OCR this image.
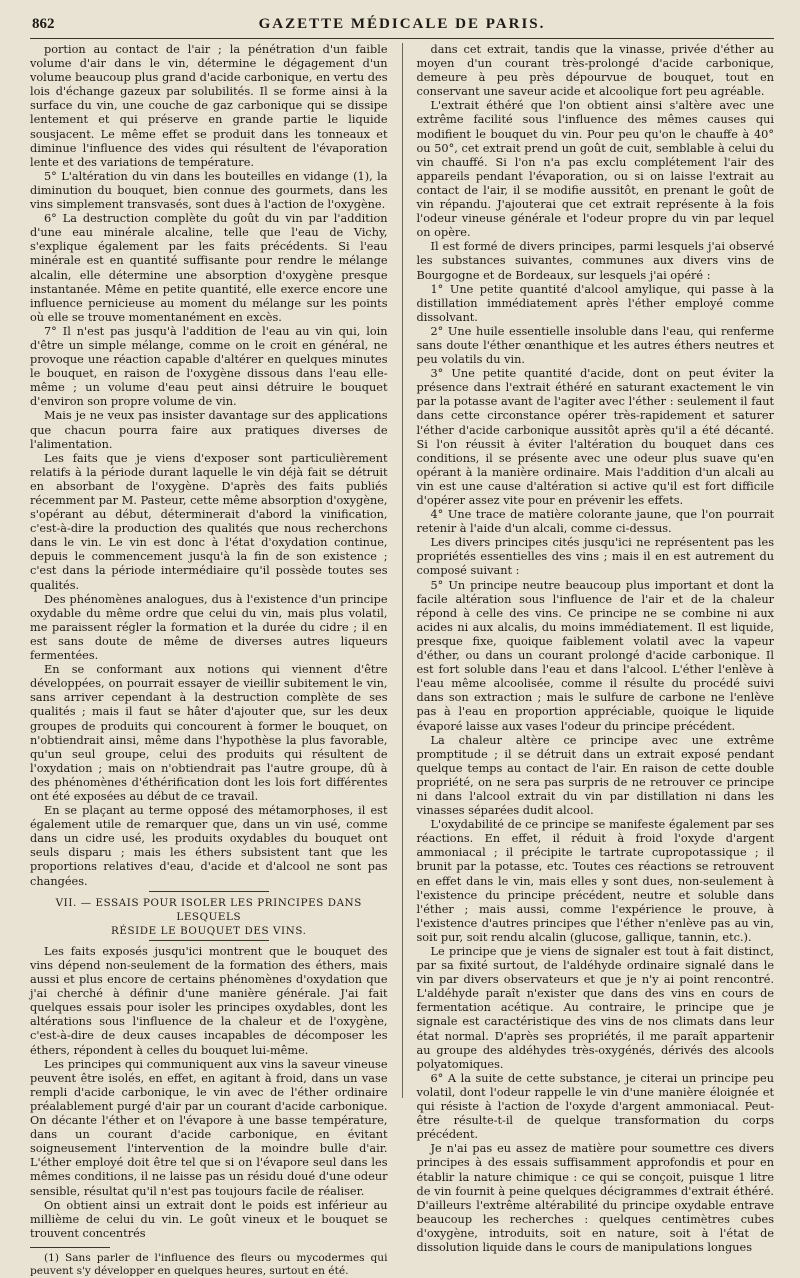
862	GAZETTE MÉDICALE DE PARIS.

portion au contact de l'air ; la pénétration d'un faible volume d'air dans le vin, détermine le dégagement d'un volume beaucoup plus grand d'acide carbonique, en vertu des lois d'échange gazeux par solubilités. Il se forme ainsi à la surface du vin, une couche de gaz carbonique qui se dissipe lentement et qui préserve en grande partie le liquide sousjacent. Le même effet se produit dans les tonneaux et diminue l'influence des vides qui résultent de l'évaporation lente et des variations de température.

5° L'altération du vin dans les bouteilles en vidange (1), la diminution du bouquet, bien connue des gourmets, dans les vins simplement transvasés, sont dues à l'action de l'oxygène.

6° La destruction complète du goût du vin par l'addition d'une eau minérale alcaline, telle que l'eau de Vichy, s'explique également par les faits précédents. Si l'eau minérale est en quantité suffisante pour rendre le mélange alcalin, elle détermine une absorption d'oxygène presque instantanée. Même en petite quantité, elle exerce encore une influence pernicieuse au moment du mélange sur les points où elle se trouve momentanément en excès.

7° Il n'est pas jusqu'à l'addition de l'eau au vin qui, loin d'être un simple mélange, comme on le croit en général, ne provoque une réaction capable d'altérer en quelques minutes le bouquet, en raison de l'oxygène dissous dans l'eau elle-même ; un volume d'eau peut ainsi détruire le bouquet d'environ son propre volume de vin.

Mais je ne veux pas insister davantage sur des applications que chacun pourra faire aux pratiques diverses de l'alimentation.

Les faits que je viens d'exposer sont particulièrement relatifs à la période durant laquelle le vin déjà fait se détruit en absorbant de l'oxygène. D'après des faits publiés récemment par M. Pasteur, cette même absorption d'oxygène, s'opérant au début, déterminerait d'abord la vinification, c'est-à-dire la production des qualités que nous recherchons dans le vin. Le vin est donc à l'état d'oxydation continue, depuis le commencement jusqu'à la fin de son existence ; c'est dans la période intermédiaire qu'il possède toutes ses qualités.

Des phénomènes analogues, dus à l'existence d'un principe oxydable du même ordre que celui du vin, mais plus volatil, me paraissent régler la formation et la durée du cidre ; il en est sans doute de même de diverses autres liqueurs fermentées.

En se conformant aux notions qui viennent d'être développées, on pourrait essayer de vieillir subitement le vin, sans arriver cependant à la destruction complète de ses qualités ; mais il faut se hâter d'ajouter que, sur les deux groupes de produits qui concourent à former le bouquet, on n'obtiendrait ainsi, même dans l'hypothèse la plus favorable, qu'un seul groupe, celui des produits qui résultent de l'oxydation ; mais on n'obtiendrait pas l'autre groupe, dû à des phénomènes d'éthérification dont les lois fort différentes ont été exposées au début de ce travail.

En se plaçant au terme opposé des métamorphoses, il est également utile de remarquer que, dans un vin usé, comme dans un cidre usé, les produits oxydables du bouquet ont seuls disparu ; mais les éthers subsistent tant que les proportions relatives d'eau, d'acide et d'alcool ne sont pas changées.

VII. — ESSAIS POUR ISOLER LES PRINCIPES DANS LESQUELS
RÉSIDE LE BOUQUET DES VINS.

Les faits exposés jusqu'ici montrent que le bouquet des vins dépend non-seulement de la formation des éthers, mais aussi et plus encore de certains phénomènes d'oxydation que j'ai cherché à définir d'une manière générale. J'ai fait quelques essais pour isoler les principes oxydables, dont les altérations sous l'influence de la chaleur et de l'oxygène, c'est-à-dire de deux causes incapables de décomposer les éthers, répondent à celles du bouquet lui-même.

Les principes qui communiquent aux vins la saveur vineuse peuvent être isolés, en effet, en agitant à froid, dans un vase rempli d'acide carbonique, le vin avec de l'éther ordinaire préalablement purgé d'air par un courant d'acide carbonique. On décante l'éther et on l'évapore à une basse température, dans un courant d'acide carbonique, en évitant soigneusement l'intervention de la moindre bulle d'air. L'éther employé doit être tel que si on l'évapore seul dans les mêmes conditions, il ne laisse pas un résidu doué d'une odeur sensible, résultat qu'il n'est pas toujours facile de réaliser.

On obtient ainsi un extrait dont le poids est inférieur au millième de celui du vin. Le goût vineux et le bouquet se trouvent concentrés

(1) Sans parler de l'influence des fleurs ou mycodermes qui peuvent s'y développer en quelques heures, surtout en été.

dans cet extrait, tandis que la vinasse, privée d'éther au moyen d'un courant très-prolongé d'acide carbonique, demeure à peu près dépourvue de bouquet, tout en conservant une saveur acide et alcoolique fort peu agréable.

L'extrait éthéré que l'on obtient ainsi s'altère avec une extrême facilité sous l'influence des mêmes causes qui modifient le bouquet du vin. Pour peu qu'on le chauffe à 40° ou 50°, cet extrait prend un goût de cuit, semblable à celui du vin chauffé. Si l'on n'a pas exclu complétement l'air des appareils pendant l'évaporation, ou si on laisse l'extrait au contact de l'air, il se modifie aussitôt, en prenant le goût de vin répandu. J'ajouterai que cet extrait représente à la fois l'odeur vineuse générale et l'odeur propre du vin par lequel on opère.

Il est formé de divers principes, parmi lesquels j'ai observé les substances suivantes, communes aux divers vins de Bourgogne et de Bordeaux, sur lesquels j'ai opéré :

1° Une petite quantité d'alcool amylique, qui passe à la distillation immédiatement après l'éther employé comme dissolvant.

2° Une huile essentielle insoluble dans l'eau, qui renferme sans doute l'éther œnanthique et les autres éthers neutres et peu volatils du vin.

3° Une petite quantité d'acide, dont on peut éviter la présence dans l'extrait éthéré en saturant exactement le vin par la potasse avant de l'agiter avec l'éther : seulement il faut dans cette circonstance opérer très-rapidement et saturer l'éther d'acide carbonique aussitôt après qu'il a été décanté. Si l'on réussit à éviter l'altération du bouquet dans ces conditions, il se présente avec une odeur plus suave qu'en opérant à la manière ordinaire. Mais l'addition d'un alcali au vin est une cause d'altération si active qu'il est fort difficile d'opérer assez vite pour en prévenir les effets.

4° Une trace de matière colorante jaune, que l'on pourrait retenir à l'aide d'un alcali, comme ci-dessus.

Les divers principes cités jusqu'ici ne représentent pas les propriétés essentielles des vins ; mais il en est autrement du composé suivant :

5° Un principe neutre beaucoup plus important et dont la facile altération sous l'influence de l'air et de la chaleur répond à celle des vins. Ce principe ne se combine ni aux acides ni aux alcalis, du moins immédiatement. Il est liquide, presque fixe, quoique faiblement volatil avec la vapeur d'éther, ou dans un courant prolongé d'acide carbonique. Il est fort soluble dans l'eau et dans l'alcool. L'éther l'enlève à l'eau même alcoolisée, comme il résulte du procédé suivi dans son extraction ; mais le sulfure de carbone ne l'enlève pas à l'eau en proportion appréciable, quoique le liquide évaporé laisse aux vases l'odeur du principe précédent.

La chaleur altère ce principe avec une extrême promptitude ; il se détruit dans un extrait exposé pendant quelque temps au contact de l'air. En raison de cette double propriété, on ne sera pas surpris de ne retrouver ce principe ni dans l'alcool extrait du vin par distillation ni dans les vinasses séparées dudit alcool.

L'oxydabilité de ce principe se manifeste également par ses réactions. En effet, il réduit à froid l'oxyde d'argent ammoniacal ; il précipite le tartrate cupropotassique ; il brunit par la potasse, etc. Toutes ces réactions se retrouvent en effet dans le vin, mais elles y sont dues, non-seulement à l'existence du principe précédent, neutre et soluble dans l'éther ; mais aussi, comme l'expérience le prouve, à l'existence d'autres principes que l'éther n'enlève pas au vin, soit pur, soit rendu alcalin (glucose, gallique, tannin, etc.).

Le principe que je viens de signaler est tout à fait distinct, par sa fixité surtout, de l'aldéhyde ordinaire signalé dans le vin par divers observateurs et que je n'y ai point rencontré. L'aldéhyde paraît n'exister que dans des vins en cours de fermentation acétique. Au contraire, le principe que je signale est caractéristique des vins de nos climats dans leur état normal. D'après ses propriétés, il me paraît appartenir au groupe des aldéhydes très-oxygénés, dérivés des alcools polyatomiques.

6° A la suite de cette substance, je citerai un principe peu volatil, dont l'odeur rappelle le vin d'une manière éloignée et qui résiste à l'action de l'oxyde d'argent ammoniacal. Peut-être résulte-t-il de quelque transformation du corps précédent.

Je n'ai pas eu assez de matière pour soumettre ces divers principes à des essais suffisamment approfondis et pour en établir la nature chimique : ce qui se conçoit, puisque 1 litre de vin fournit à peine quelques décigrammes d'extrait éthéré. D'ailleurs l'extrême altérabilité du principe oxydable entrave beaucoup les recherches : quelques centimètres cubes d'oxygène, introduits, soit en nature, soit à l'état de dissolution liquide dans le cours de manipulations longues
